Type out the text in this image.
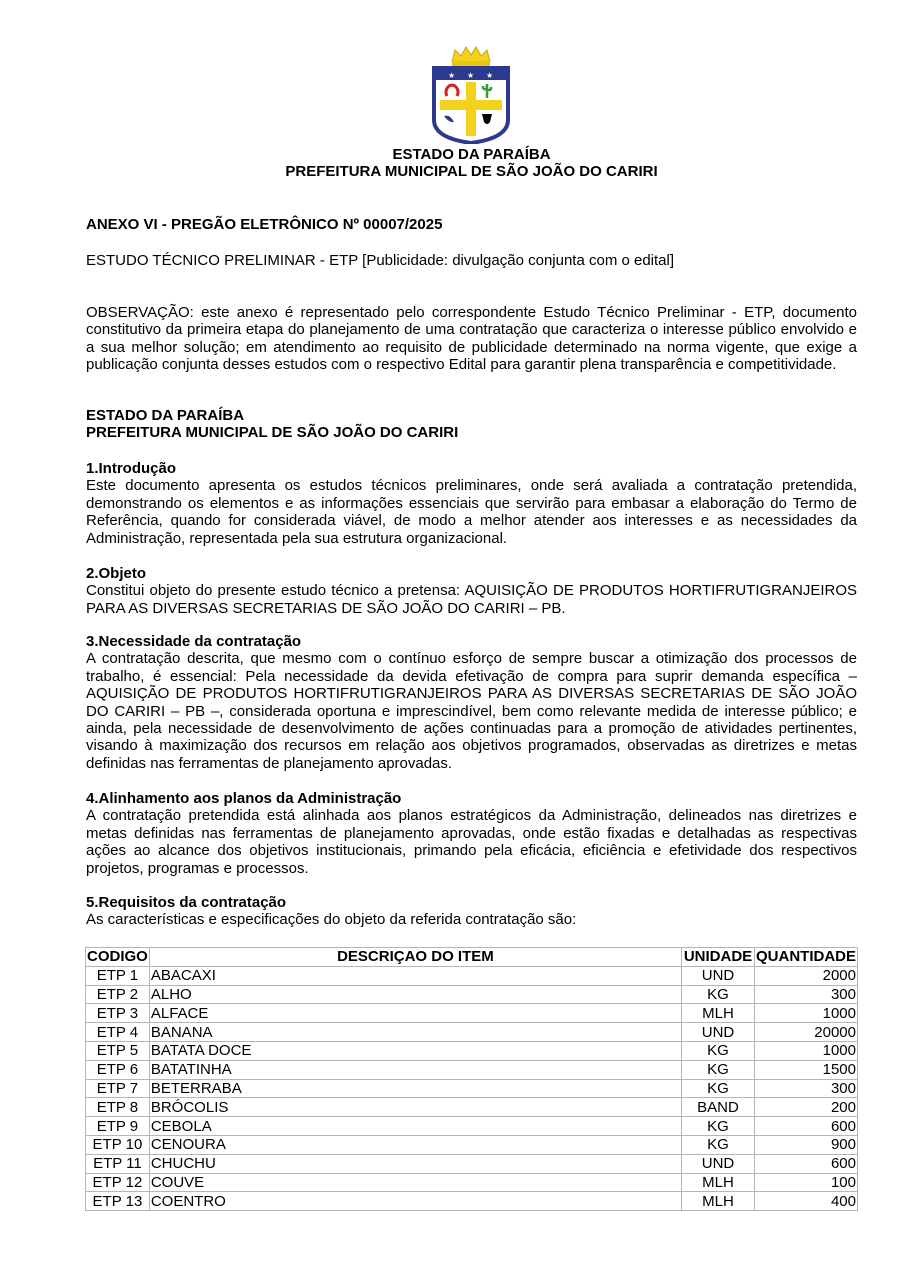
★ ★ ★

ESTADO DA PARAÍBA

PREFEITURA MUNICIPAL DE SÃO JOÃO DO CARIRI

ANEXO VI - PREGÃO ELETRÔNICO Nº 00007/2025
ESTUDO TÉCNICO PRELIMINAR - ETP [Publicidade: divulgação conjunta com o edital]
OBSERVAÇÃO: este anexo é representado pelo correspondente Estudo Técnico Preliminar - ETP, documento constitutivo da primeira etapa do planejamento de uma contratação que caracteriza o interesse público envolvido e a sua melhor solução; em atendimento ao requisito de publicidade determinado na norma vigente, que exige a publicação conjunta desses estudos com o respectivo Edital para garantir plena transparência e competitividade.

ESTADO DA PARAÍBA

PREFEITURA MUNICIPAL DE SÃO JOÃO DO CARIRI

1.Introdução

Este documento apresenta os estudos técnicos preliminares, onde será avaliada a contratação pretendida, demonstrando os elementos e as informações essenciais que servirão para embasar a elaboração do Termo de Referência, quando for considerada viável, de modo a melhor atender aos interesses e as necessidades da Administração, representada pela sua estrutura organizacional.

2.Objeto

Constitui objeto do presente estudo técnico a pretensa: AQUISIÇÃO DE PRODUTOS HORTIFRUTIGRANJEIROS PARA AS DIVERSAS SECRETARIAS DE SÃO JOÃO DO CARIRI – PB.

3.Necessidade da contratação

A contratação descrita, que mesmo com o contínuo esforço de sempre buscar a otimização dos processos de trabalho, é essencial: Pela necessidade da devida efetivação de compra para suprir demanda específica – AQUISIÇÃO DE PRODUTOS HORTIFRUTIGRANJEIROS PARA AS DIVERSAS SECRETARIAS DE SÃO JOÃO DO CARIRI – PB –, considerada oportuna e imprescindível, bem como relevante medida de interesse público; e ainda, pela necessidade de desenvolvimento de ações continuadas para a promoção de atividades pertinentes, visando à maximização dos recursos em relação aos objetivos programados, observadas as diretrizes e metas definidas nas ferramentas de planejamento aprovadas.

4.Alinhamento aos planos da Administração

A contratação pretendida está alinhada aos planos estratégicos da Administração, delineados nas diretrizes e metas definidas nas ferramentas de planejamento aprovadas, onde estão fixadas e detalhadas as respectivas ações ao alcance dos objetivos institucionais, primando pela eficácia, eficiência e efetividade dos respectivos projetos, programas e processos.

5.Requisitos da contratação

As características e especificações do objeto da referida contratação são:

CODIGO	DESCRIÇAO DO ITEM	UNIDADE	QUANTIDADE
ETP 1	ABACAXI	UND	2000
ETP 2	ALHO	KG	300
ETP 3	ALFACE	MLH	1000
ETP 4	BANANA	UND	20000
ETP 5	BATATA DOCE	KG	1000
ETP 6	BATATINHA	KG	1500
ETP 7	BETERRABA	KG	300
ETP 8	BRÓCOLIS	BAND	200
ETP 9	CEBOLA	KG	600
ETP 10	CENOURA	KG	900
ETP 11	CHUCHU	UND	600
ETP 12	COUVE	MLH	100
ETP 13	COENTRO	MLH	400
